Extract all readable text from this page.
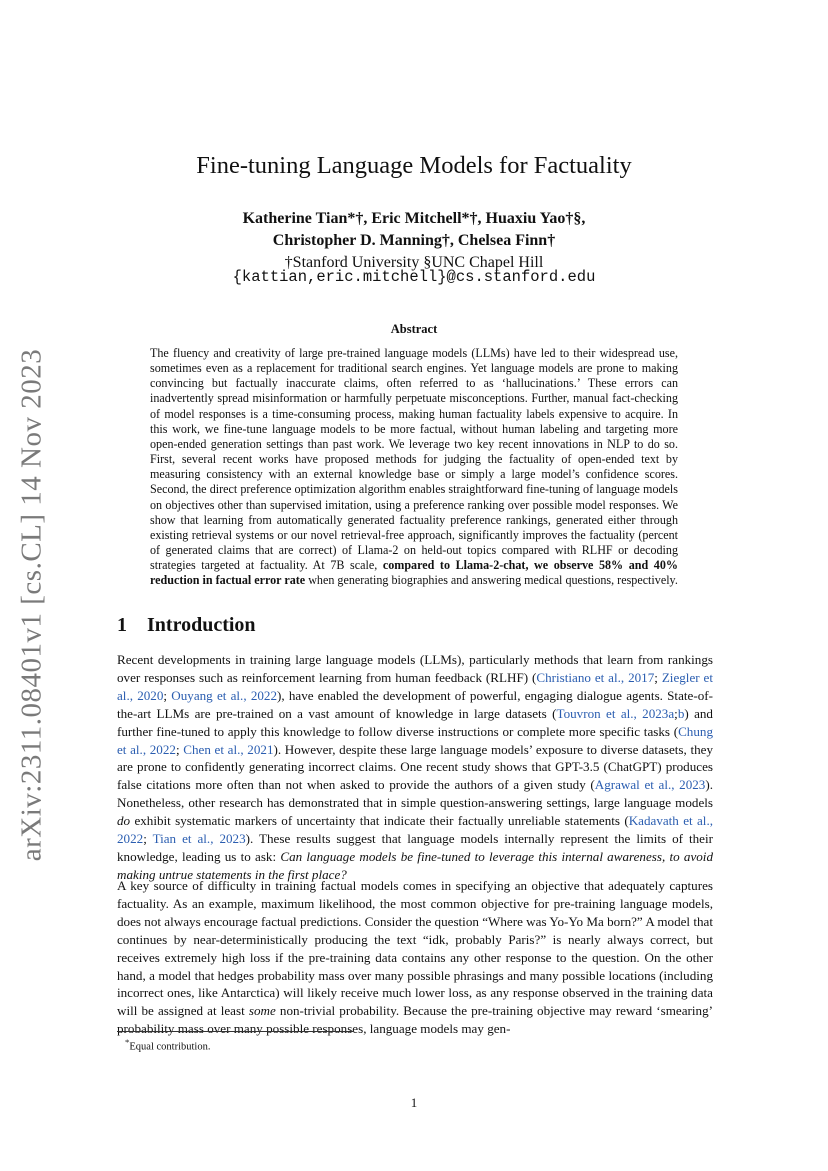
arXiv:2311.08401v1 [cs.CL] 14 Nov 2023
Fine-tuning Language Models for Factuality
Katherine Tian*†, Eric Mitchell*†, Huaxiu Yao†§,
Christopher D. Manning†, Chelsea Finn†
†Stanford University §UNC Chapel Hill
{kattian,eric.mitchell}@cs.stanford.edu
Abstract
The fluency and creativity of large pre-trained language models (LLMs) have led to their widespread use, sometimes even as a replacement for traditional search engines. Yet language models are prone to making convincing but factually inaccurate claims, often referred to as ‘hallucinations.’ These errors can inadvertently spread misinformation or harmfully perpetuate misconceptions. Further, manual fact-checking of model responses is a time-consuming process, making human factuality labels expensive to acquire. In this work, we fine-tune language models to be more factual, without human labeling and targeting more open-ended generation settings than past work. We leverage two key recent innovations in NLP to do so. First, several recent works have proposed methods for judging the factuality of open-ended text by measuring consistency with an external knowledge base or simply a large model’s confidence scores. Second, the direct preference optimization algorithm enables straightforward fine-tuning of language models on objectives other than supervised imitation, using a preference ranking over possible model responses. We show that learning from automatically generated factuality preference rankings, generated either through existing retrieval systems or our novel retrieval-free approach, significantly improves the factuality (percent of generated claims that are correct) of Llama-2 on held-out topics compared with RLHF or decoding strategies targeted at factuality. At 7B scale, compared to Llama-2-chat, we observe 58% and 40% reduction in factual error rate when generating biographies and answering medical questions, respectively.
1 Introduction

Recent developments in training large language models (LLMs), particularly methods that learn from rankings over responses such as reinforcement learning from human feedback (RLHF) (Christiano et al., 2017; Ziegler et al., 2020; Ouyang et al., 2022), have enabled the development of powerful, engaging dialogue agents. State-of-the-art LLMs are pre-trained on a vast amount of knowledge in large datasets (Touvron et al., 2023a;b) and further fine-tuned to apply this knowledge to follow diverse instructions or complete more specific tasks (Chung et al., 2022; Chen et al., 2021). However, despite these large language models’ exposure to diverse datasets, they are prone to confidently generating incorrect claims. One recent study shows that GPT-3.5 (ChatGPT) produces false citations more often than not when asked to provide the authors of a given study (Agrawal et al., 2023). Nonetheless, other research has demonstrated that in simple question-answering settings, large language models do exhibit systematic markers of uncertainty that indicate their factually unreliable statements (Kadavath et al., 2022; Tian et al., 2023). These results suggest that language models internally represent the limits of their knowledge, leading us to ask: Can language models be fine-tuned to leverage this internal awareness, to avoid making untrue statements in the first place?

A key source of difficulty in training factual models comes in specifying an objective that adequately captures factuality. As an example, maximum likelihood, the most common objective for pre-training language models, does not always encourage factual predictions. Consider the question “Where was Yo-Yo Ma born?” A model that continues by near-deterministically producing the text “idk, probably Paris?” is nearly always correct, but receives extremely high loss if the pre-training data contains any other response to the question. On the other hand, a model that hedges probability mass over many possible phrasings and many possible locations (including incorrect ones, like Antarctica) will likely receive much lower loss, as any response observed in the training data will be assigned at least some non-trivial probability. Because the pre-training objective may reward ‘smearing’ probability mass over many possible responses, language models may gen-

*Equal contribution.
1
